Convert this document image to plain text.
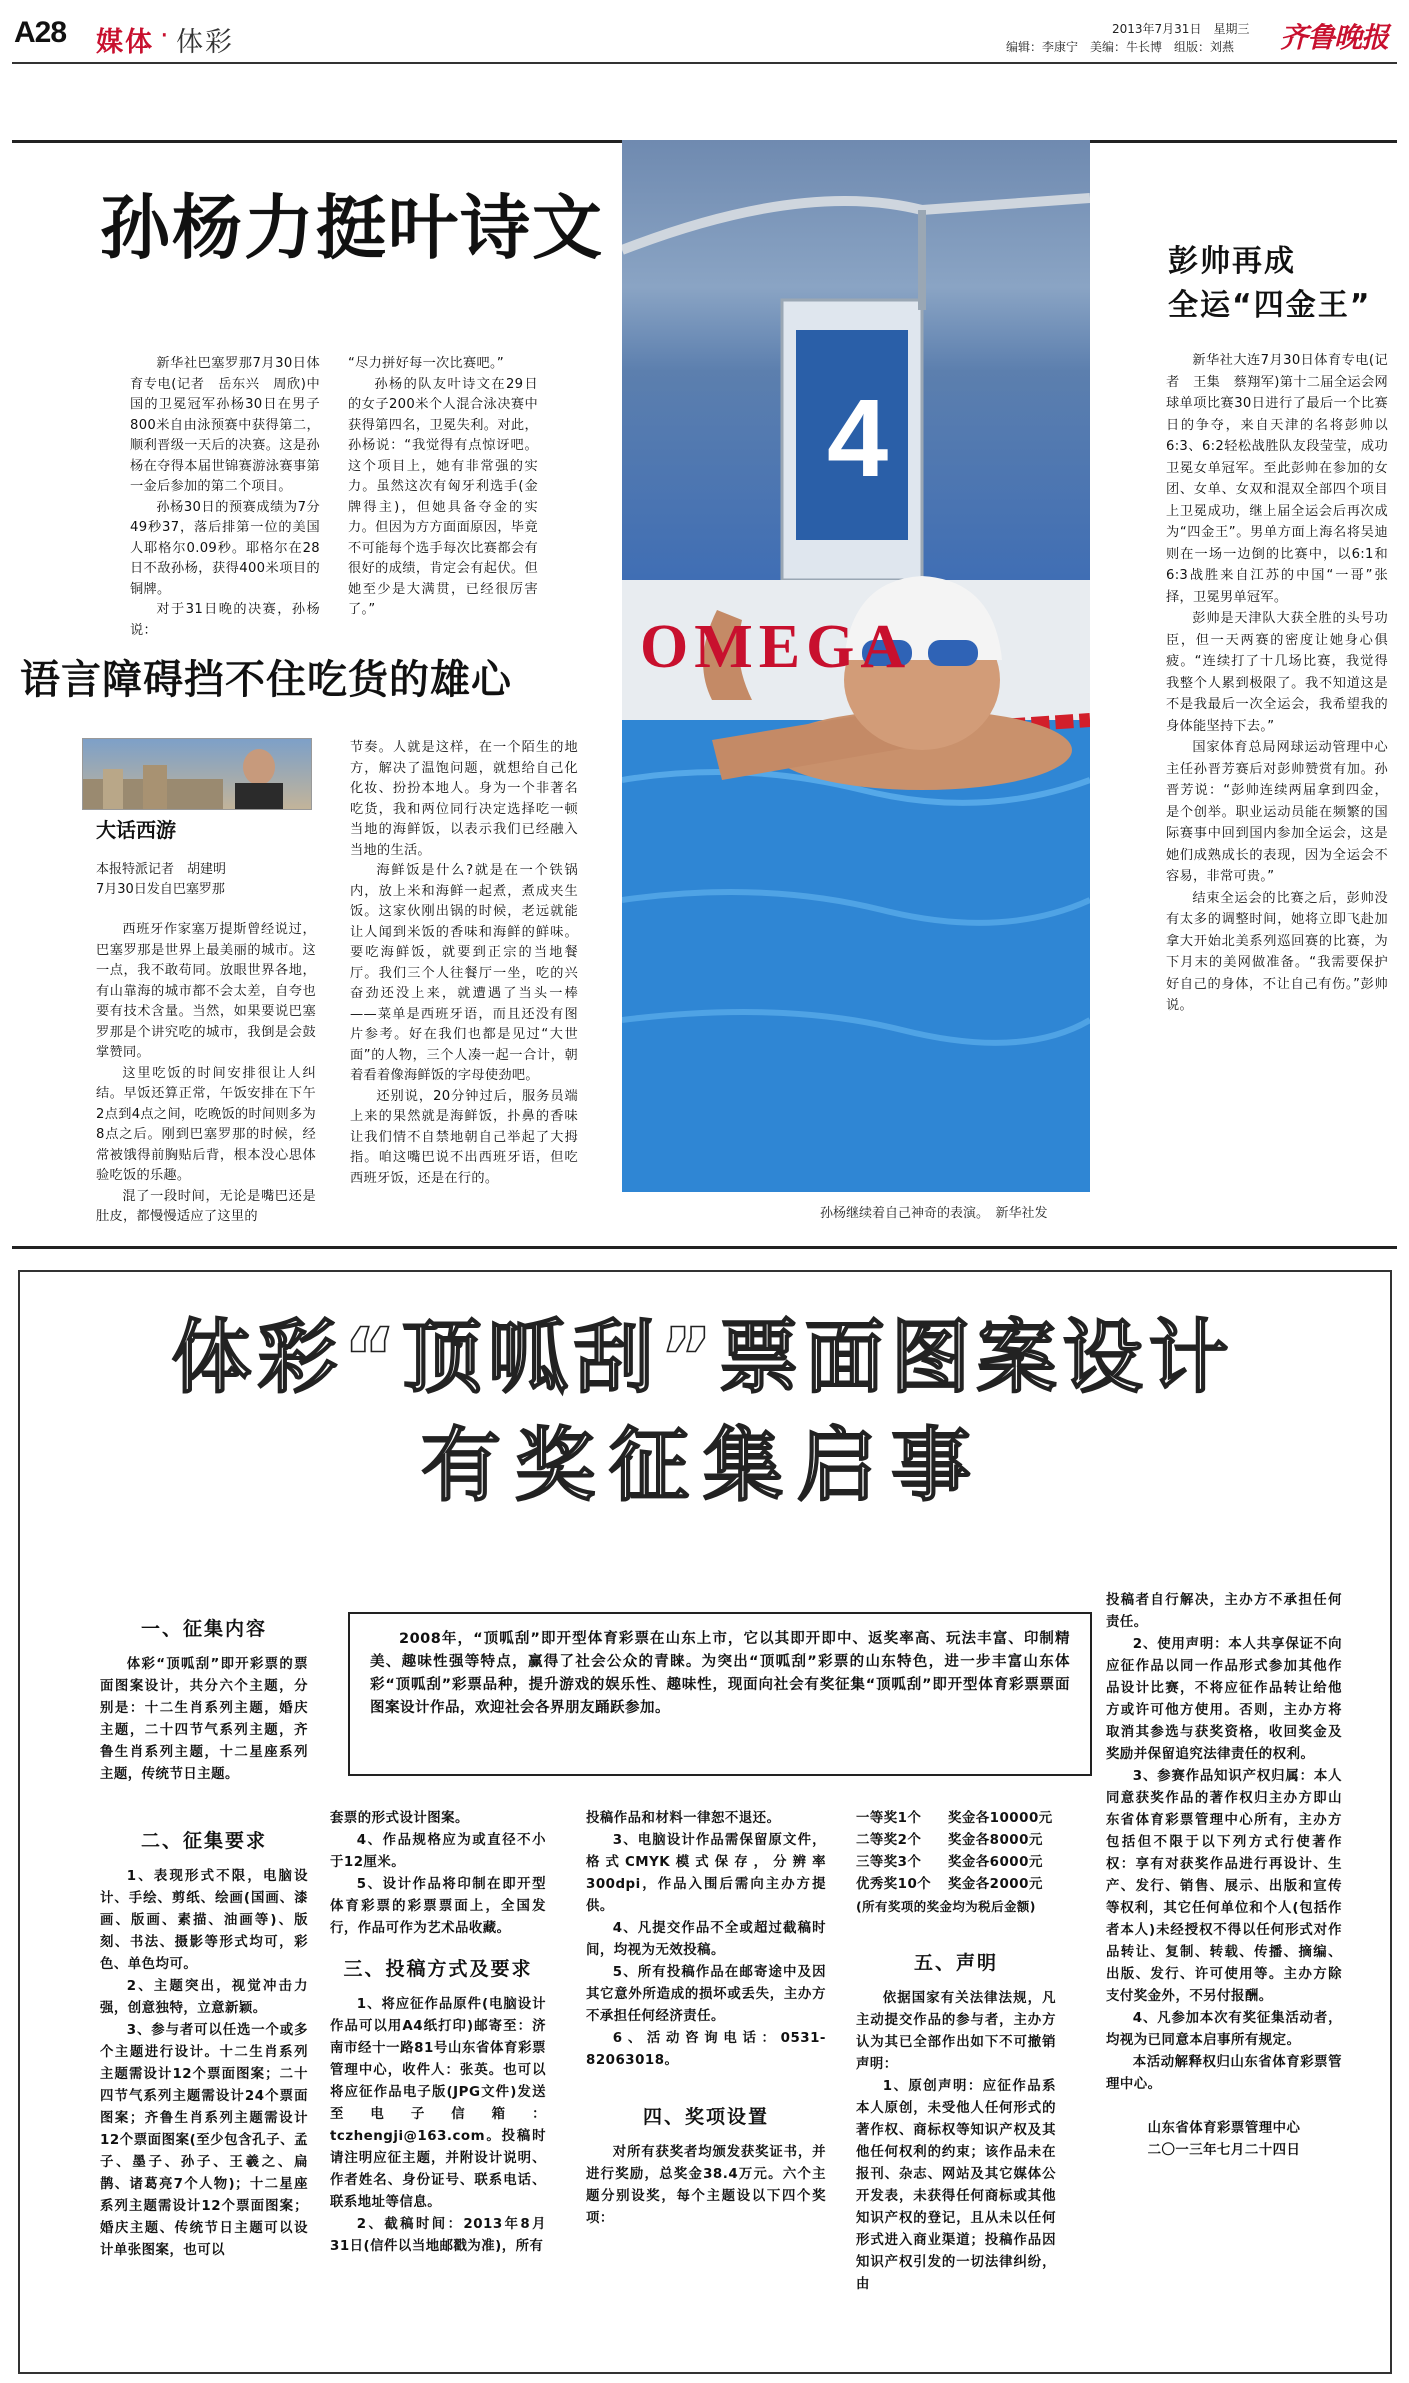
A28 媒体 · 体彩	2013年7月31日　星期三
编辑：李康宁　美编：牛长博　组版：刘燕 齐鲁晚报
孙杨力挺叶诗文

新华社巴塞罗那7月30日体育专电(记者　岳东兴　周欣)中国的卫冕冠军孙杨30日在男子800米自由泳预赛中获得第二，顺利晋级一天后的决赛。这是孙杨在夺得本届世锦赛游泳赛事第一金后参加的第二个项目。

孙杨30日的预赛成绩为7分49秒37，落后排第一位的美国人耶格尔0.09秒。耶格尔在28日不敌孙杨，获得400米项目的铜牌。

对于31日晚的决赛，孙杨说：

“尽力拼好每一次比赛吧。”

孙杨的队友叶诗文在29日的女子200米个人混合泳决赛中获得第四名，卫冕失利。对此，孙杨说：“我觉得有点惊讶吧。这个项目上，她有非常强的实力。虽然这次有匈牙利选手(金牌得主)，但她具备夺金的实力。但因为方方面面原因，毕竟不可能每个选手每次比赛都会有很好的成绩，肯定会有起伏。但她至少是大满贯，已经很厉害了。”

4
OMEGA
孙杨继续着自己神奇的表演。　新华社发
语言障碍挡不住吃货的雄心
大话西游
本报特派记者　胡建明
7月30日发自巴塞罗那

西班牙作家塞万提斯曾经说过，巴塞罗那是世界上最美丽的城市。这一点，我不敢苟同。放眼世界各地，有山靠海的城市都不会太差，自夸也要有技术含量。当然，如果要说巴塞罗那是个讲究吃的城市，我倒是会鼓掌赞同。

这里吃饭的时间安排很让人纠结。早饭还算正常，午饭安排在下午2点到4点之间，吃晚饭的时间则多为8点之后。刚到巴塞罗那的时候，经常被饿得前胸贴后背，根本没心思体验吃饭的乐趣。

混了一段时间，无论是嘴巴还是肚皮，都慢慢适应了这里的

节奏。人就是这样，在一个陌生的地方，解决了温饱问题，就想给自己化化妆、扮扮本地人。身为一个非著名吃货，我和两位同行决定选择吃一顿当地的海鲜饭，以表示我们已经融入当地的生活。

海鲜饭是什么?就是在一个铁锅内，放上米和海鲜一起煮，煮成夹生饭。这家伙刚出锅的时候，老远就能让人闻到米饭的香味和海鲜的鲜味。要吃海鲜饭，就要到正宗的当地餐厅。我们三个人往餐厅一坐，吃的兴奋劲还没上来，就遭遇了当头一棒——菜单是西班牙语，而且还没有图片参考。好在我们也都是见过“大世面”的人物，三个人凑一起一合计，朝着看着像海鲜饭的字母使劲吧。

还别说，20分钟过后，服务员端上来的果然就是海鲜饭，扑鼻的香味让我们情不自禁地朝自己举起了大拇指。咱这嘴巴说不出西班牙语，但吃西班牙饭，还是在行的。

彭帅再成
全运“四金王”

新华社大连7月30日体育专电(记者　王集　蔡翔军)第十二届全运会网球单项比赛30日进行了最后一个比赛日的争夺，来自天津的名将彭帅以6:3、6:2轻松战胜队友段莹莹，成功卫冕女单冠军。至此彭帅在参加的女团、女单、女双和混双全部四个项目上卫冕成功，继上届全运会后再次成为“四金王”。男单方面上海名将吴迪则在一场一边倒的比赛中，以6:1和6:3战胜来自江苏的中国“一哥”张择，卫冕男单冠军。

彭帅是天津队大获全胜的头号功臣，但一天两赛的密度让她身心俱疲。“连续打了十几场比赛，我觉得我整个人累到极限了。我不知道这是不是我最后一次全运会，我希望我的身体能坚持下去。”

国家体育总局网球运动管理中心主任孙晋芳赛后对彭帅赞赏有加。孙晋芳说：“彭帅连续两届拿到四金，是个创举。职业运动员能在频繁的国际赛事中回到国内参加全运会，这是她们成熟成长的表现，因为全运会不容易，非常可贵。”

结束全运会的比赛之后，彭帅没有太多的调整时间，她将立即飞赴加拿大开始北美系列巡回赛的比赛，为下月末的美网做准备。“我需要保护好自己的身体，不让自己有伤。”彭帅说。

体彩“顶呱刮”票面图案设计
有奖征集启事

2008年，“顶呱刮”即开型体育彩票在山东上市，它以其即开即中、返奖率高、玩法丰富、印制精美、趣味性强等特点，赢得了社会公众的青睐。为突出“顶呱刮”彩票的山东特色，进一步丰富山东体彩“顶呱刮”彩票品种，提升游戏的娱乐性、趣味性，现面向社会有奖征集“顶呱刮”即开型体育彩票票面图案设计作品，欢迎社会各界朋友踊跃参加。

一、征集内容

体彩“顶呱刮”即开彩票的票面图案设计，共分六个主题，分别是：十二生肖系列主题，婚庆主题，二十四节气系列主题，齐鲁生肖系列主题，十二星座系列主题，传统节日主题。

二、征集要求

1、表现形式不限，电脑设计、手绘、剪纸、绘画(国画、漆画、版画、素描、油画等)、版刻、书法、摄影等形式均可，彩色、单色均可。

2、主题突出，视觉冲击力强，创意独特，立意新颖。

3、参与者可以任选一个或多个主题进行设计。十二生肖系列主题需设计12个票面图案；二十四节气系列主题需设计24个票面图案；齐鲁生肖系列主题需设计12个票面图案(至少包含孔子、孟子、墨子、孙子、王羲之、扁鹊、诸葛亮7个人物)；十二星座系列主题需设计12个票面图案；婚庆主题、传统节日主题可以设计单张图案，也可以

套票的形式设计图案。

4、作品规格应为或直径不小于12厘米。

5、设计作品将印制在即开型体育彩票的彩票票面上，全国发行，作品可作为艺术品收藏。

三、投稿方式及要求

1、将应征作品原件(电脑设计作品可以用A4纸打印)邮寄至：济南市经十一路81号山东省体育彩票管理中心，收件人：张英。也可以将应征作品电子版(JPG文件)发送至电子信箱：tczhengji@163.com。投稿时请注明应征主题，并附设计说明、作者姓名、身份证号、联系电话、联系地址等信息。

2、截稿时间：2013年8月31日(信件以当地邮戳为准)，所有

投稿作品和材料一律恕不退还。

3、电脑设计作品需保留原文件，格式CMYK模式保存，分辨率300dpi，作品入围后需向主办方提供。

4、凡提交作品不全或超过截稿时间，均视为无效投稿。

5、所有投稿作品在邮寄途中及因其它意外所造成的损坏或丢失，主办方不承担任何经济责任。

6、活动咨询电话：0531-82063018。

四、奖项设置

对所有获奖者均颁发获奖证书，并进行奖励，总奖金38.4万元。六个主题分别设奖，每个主题设以下四个奖项：

一等奖1个 奖金各10000元
二等奖2个 奖金各8000元
三等奖3个 奖金各6000元
优秀奖10个 奖金各2000元
(所有奖项的奖金均为税后金额)
五、声明

依据国家有关法律法规，凡主动提交作品的参与者，主办方认为其已全部作出如下不可撤销声明：

1、原创声明：应征作品系本人原创，未受他人任何形式的著作权、商标权等知识产权及其他任何权利的约束；该作品未在报刊、杂志、网站及其它媒体公开发表，未获得任何商标或其他知识产权的登记，且从未以任何形式进入商业渠道；投稿作品因知识产权引发的一切法律纠纷，由

投稿者自行解决，主办方不承担任何责任。

2、使用声明：本人共享保证不向应征作品以同一作品形式参加其他作品设计比赛，不将应征作品转让给他方或许可他方使用。否则，主办方将取消其参选与获奖资格，收回奖金及奖励并保留追究法律责任的权利。

3、参赛作品知识产权归属：本人同意获奖作品的著作权归主办方即山东省体育彩票管理中心所有，主办方包括但不限于以下列方式行使著作权：享有对获奖作品进行再设计、生产、发行、销售、展示、出版和宣传等权利，其它任何单位和个人(包括作者本人)未经授权不得以任何形式对作品转让、复制、转载、传播、摘编、出版、发行、许可使用等。主办方除支付奖金外，不另付报酬。

4、凡参加本次有奖征集活动者，均视为已同意本启事所有规定。

本活动解释权归山东省体育彩票管理中心。

山东省体育彩票管理中心
二〇一三年七月二十四日
